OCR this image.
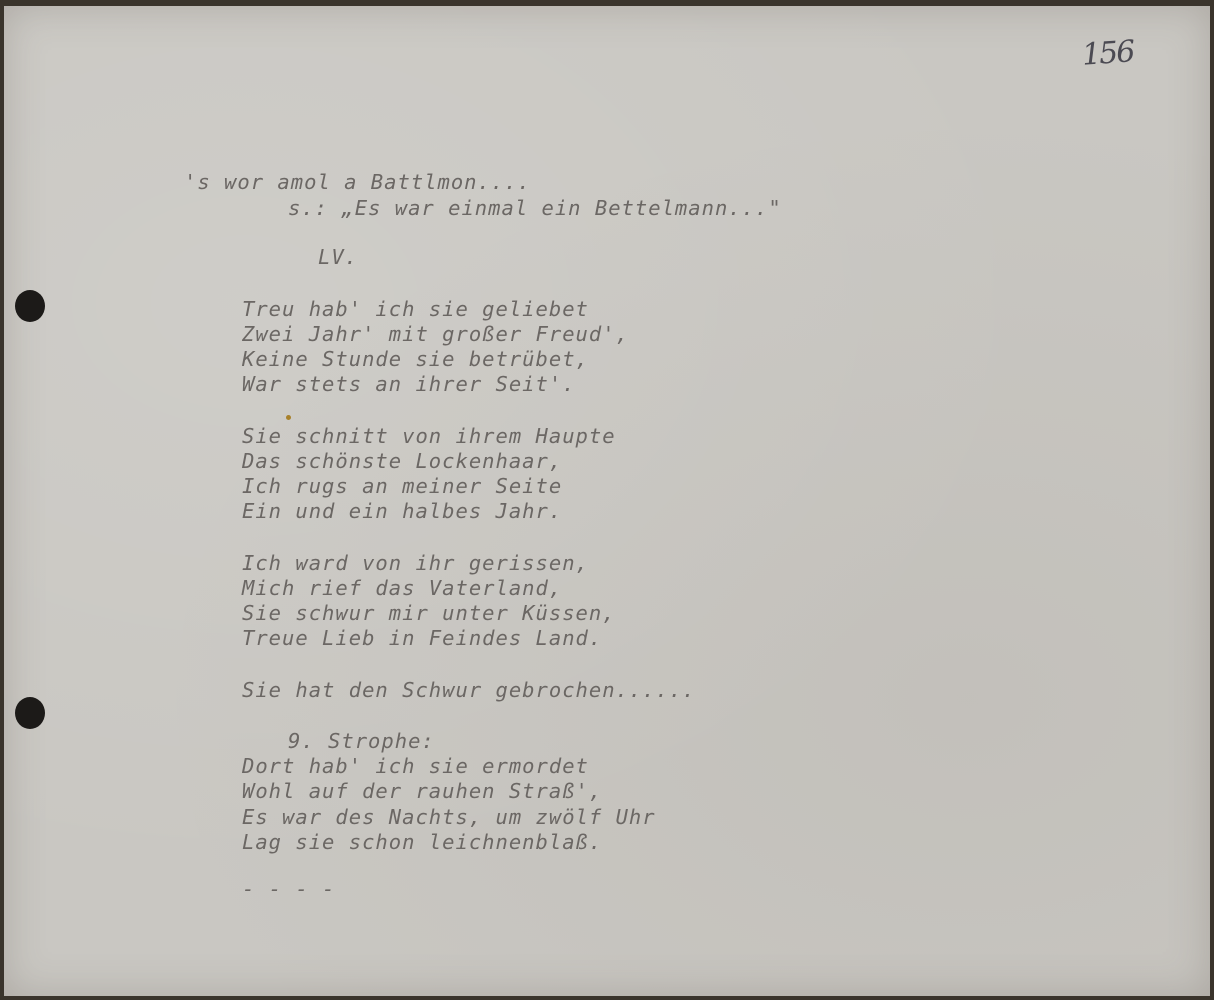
156
's wor amol a Battlmon....
s.: „Es war einmal ein Bettelmann..."
LV.
Treu hab' ich sie geliebet
Zwei Jahr' mit großer Freud',
Keine Stunde sie betrübet,
War stets an ihrer Seit'.
Sie schnitt von ihrem Haupte
Das schönste Lockenhaar,
Ich rugs an meiner Seite
Ein und ein halbes Jahr.
Ich ward von ihr gerissen,
Mich rief das Vaterland,
Sie schwur mir unter Küssen,
Treue Lieb in Feindes Land.
Sie hat den Schwur gebrochen......
9. Strophe:
Dort hab' ich sie ermordet
Wohl auf der rauhen Straß',
Es war des Nachts, um zwölf Uhr
Lag sie schon leichnenblaß.
- - - -
